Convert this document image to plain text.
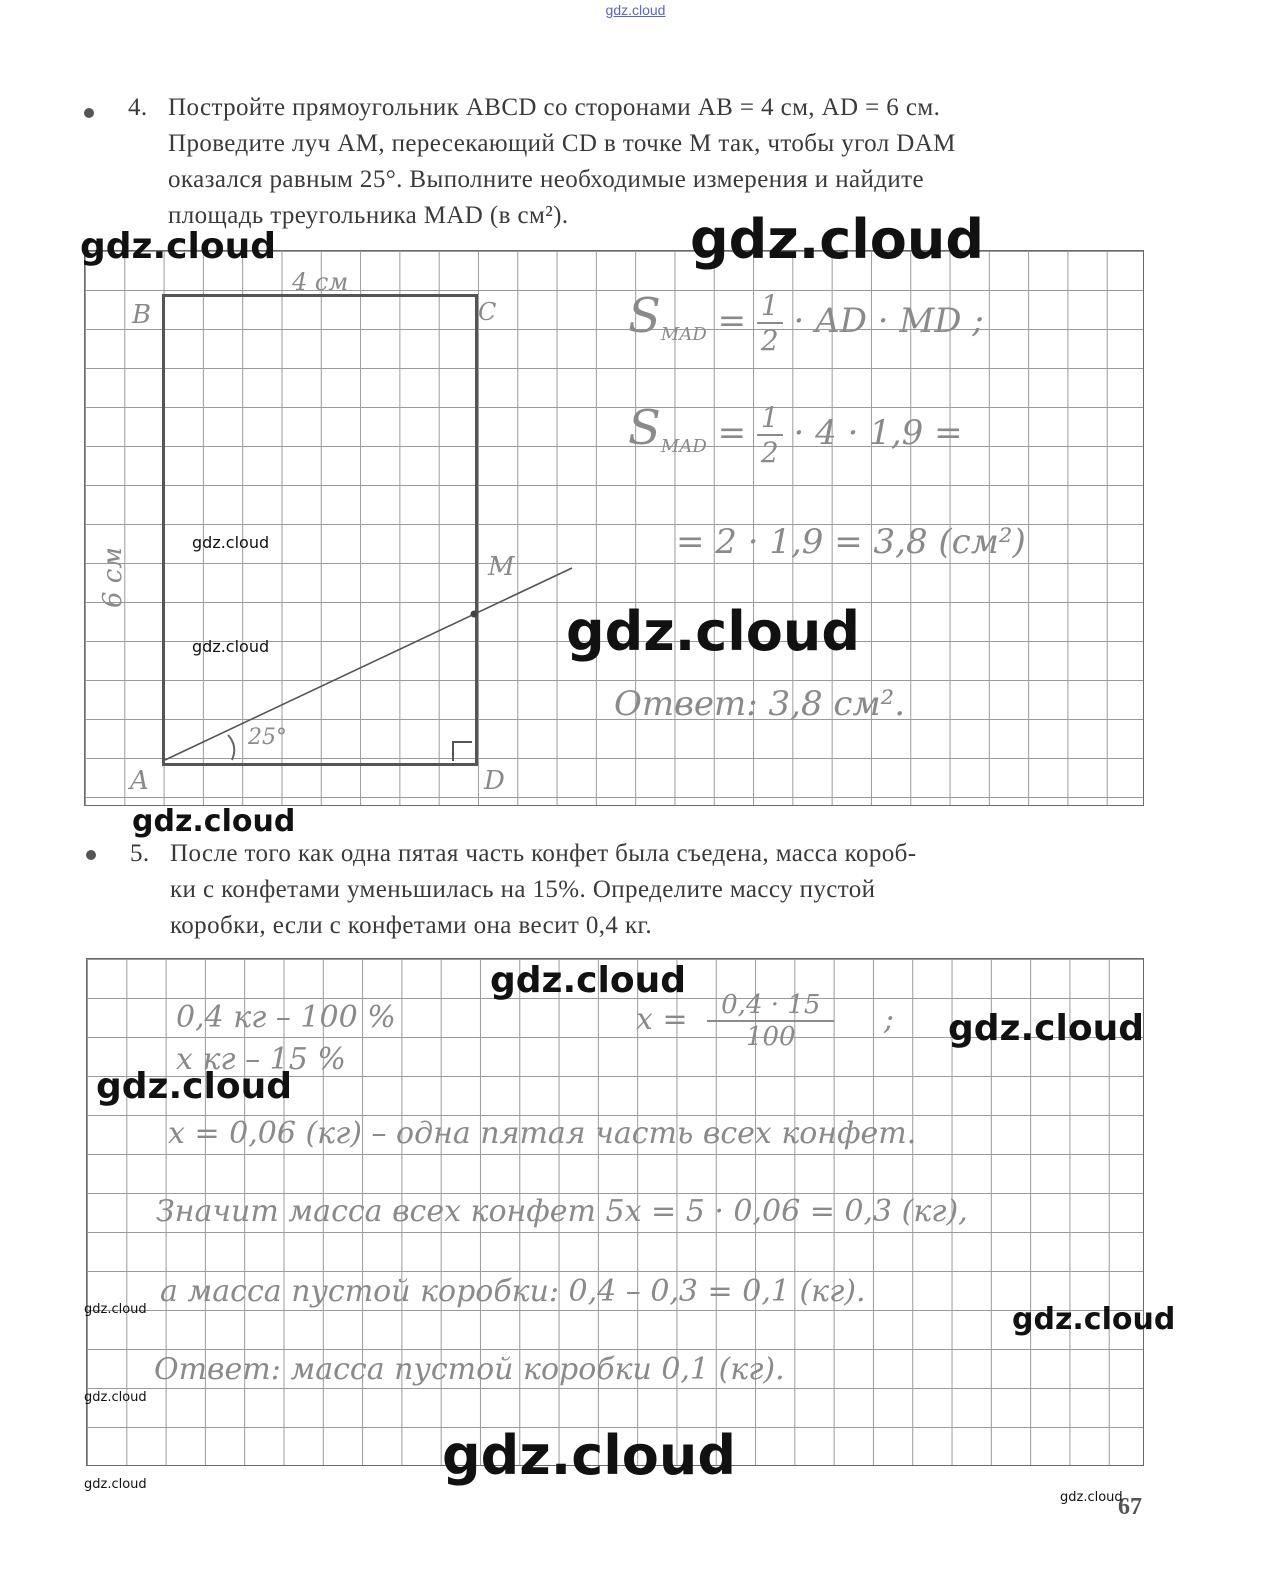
gdz.cloud
4. Постройте прямоугольник ABCD со сторонами AB = 4 см, AD = 6 см.
Проведите луч AM, пересекающий CD в точке M так, чтобы угол DAM
оказался равным 25°. Выполните необходимые измерения и найдите
площадь треугольника MAD (в см²).
4 см
6 см
B	C
A	D
M
25°
$S_{MAD} = \frac{1}{2}$ · AD · MD ;
$S_{MAD} = \frac{1}{2} \cdot 4 \cdot 1,9$ =
= 2 · 1,9 = 3,8 (см²)
Ответ: 3,8 см².
5. После того как одна пятая часть конфет была съедена, масса короб-
ки с конфетами уменьшилась на 15%. Определите массу пустой
коробки, если с конфетами она весит 0,4 кг.
0,4 кг – 100 %
x кг – 15 %
$x = \frac{0,4 \cdot 15}{100}$ ;
x = 0,06 (кг) – одна пятая часть всех конфет.
Значит масса всех конфет 5x = 5 · 0,06 = 0,3 (кг),
а масса пустой коробки: 0,4 – 0,3 = 0,1 (кг).
Ответ: масса пустой коробки 0,1 (кг).
67
gdz.cloud	gdz.cloud
gdz.cloud
gdz.cloud
gdz.cloud
gdz.cloud
gdz.cloud
gdz.cloud
gdz.cloud
gdz.cloud	gdz.cloud
gdz.cloud
gdz.cloud
gdz.cloud
gdz.cloud
